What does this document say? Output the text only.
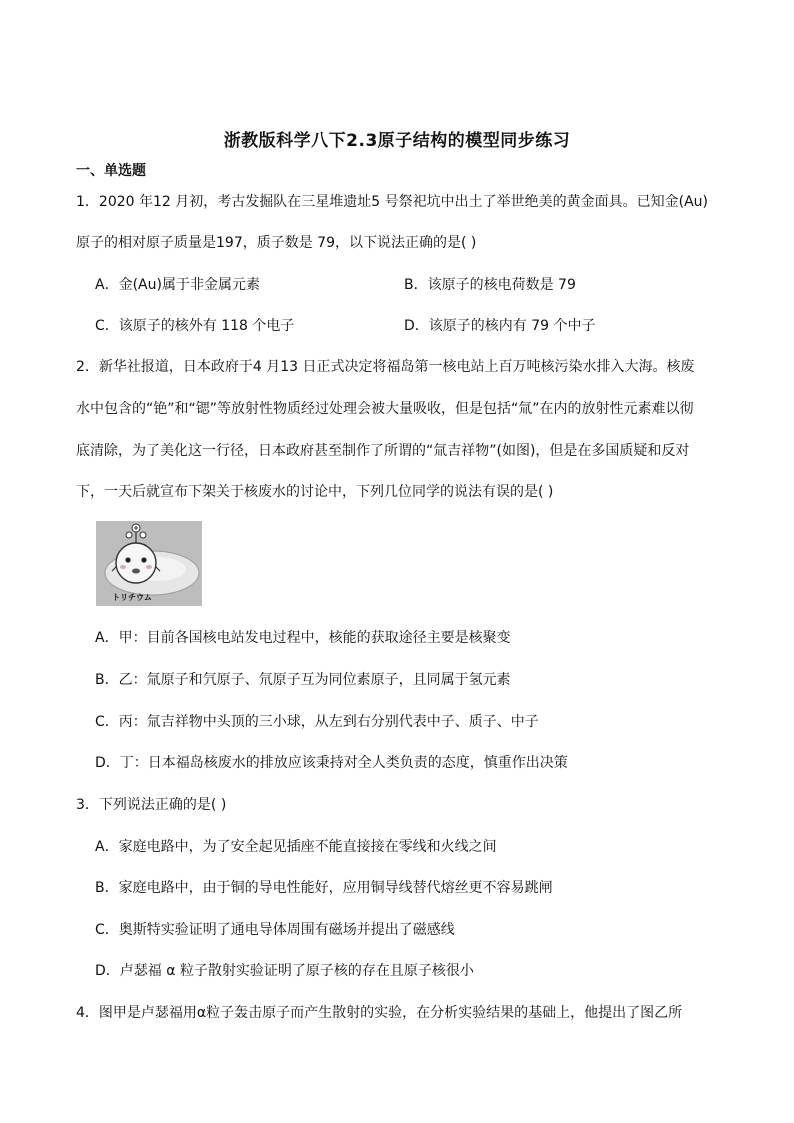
浙教版科学八下2.3原子结构的模型同步练习
一、单选题
1．2020 年12 月初，考古发掘队在三星堆遗址5 号祭祀坑中出土了举世绝美的黄金面具。已知金(Au)
原子的相对原子质量是197，质子数是 79，以下说法正确的是( )
A．金(Au)属于非金属元素	B．该原子的核电荷数是 79
C．该原子的核外有 118 个电子	D．该原子的核内有 79 个中子
2．新华社报道，日本政府于4 月13 日正式决定将福岛第一核电站上百万吨核污染水排入大海。核废
水中包含的“铯”和“锶”等放射性物质经过处理会被大量吸收，但是包括“氚”在内的放射性元素难以彻
底清除，为了美化这一行径，日本政府甚至制作了所谓的“氚吉祥物”(如图)，但是在多国质疑和反对
下，一天后就宣布下架关于核废水的讨论中，下列几位同学的说法有误的是( )
トリチウム
A．甲：目前各国核电站发电过程中，核能的获取途径主要是核聚变
B．乙：氚原子和氕原子、氘原子互为同位素原子，且同属于氢元素
C．丙：氚吉祥物中头顶的三小球，从左到右分别代表中子、质子、中子
D．丁：日本福岛核废水的排放应该秉持对全人类负责的态度，慎重作出决策
3．下列说法正确的是( )
A．家庭电路中，为了安全起见插座不能直接接在零线和火线之间
B．家庭电路中，由于铜的导电性能好，应用铜导线替代熔丝更不容易跳闸
C．奥斯特实验证明了通电导体周围有磁场并提出了磁感线
D．卢瑟福 α 粒子散射实验证明了原子核的存在且原子核很小
4．图甲是卢瑟福用α粒子轰击原子而产生散射的实验，在分析实验结果的基础上，他提出了图乙所
